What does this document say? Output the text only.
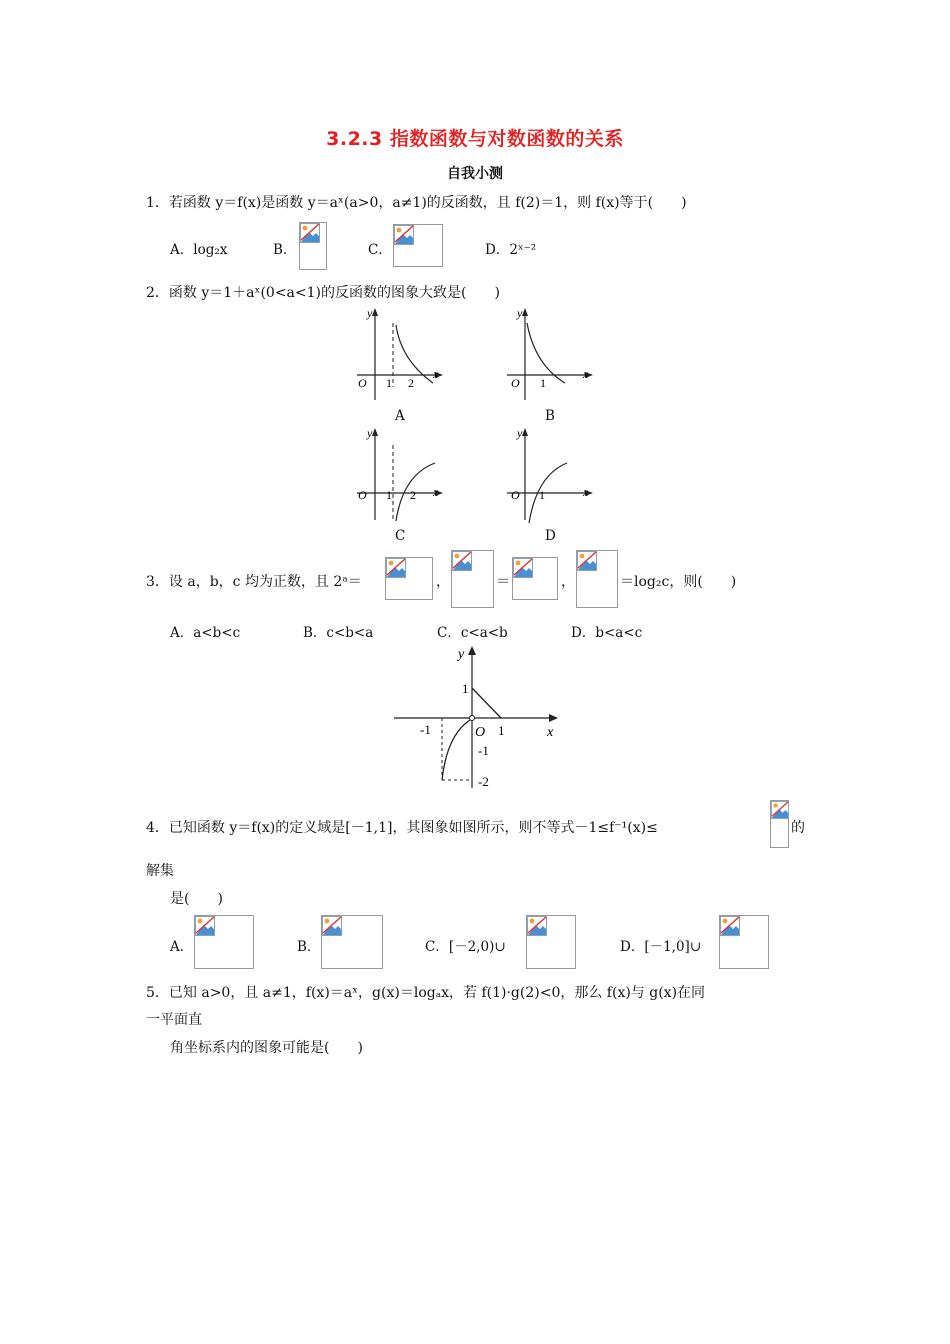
3.2.3 指数函数与对数函数的关系
自我小测
1．若函数 y＝f(x)是函数 y＝aˣ(a>0，a≠1)的反函数，且 f(2)＝1，则 f(x)等于(　　)
A．log₂x	B．	C．	D．2ˣ⁻²
2．函数 y＝1＋aˣ(0<a<1)的反函数的图象大致是(　　)
y
O 1 2
x
A
y
O 1
x
B
y
O 1 2 x
C
y
O 1	x
D
3．设 a，b，c 均为正数，且 2ᵃ＝	，	＝	，	＝log₂c，则(　　)
A．a<b<c	B．c<b<a	C．c<a<b	D．b<a<c
y
1
-1
O 1	x
-1
-2
4．已知函数 y＝f(x)的定义域是[－1,1]，其图象如图所示，则不等式－1≤f⁻¹(x)≤	的
解集
是(　　)
A．	B．	C．[－2,0)∪	D．[－1,0]∪
5．已知 a>0，且 a≠1，f(x)＝aˣ，g(x)＝logₐx，若 f(1)·g(2)<0，那么 f(x)与 g(x)在同
一平面直
角坐标系内的图象可能是(　　)
